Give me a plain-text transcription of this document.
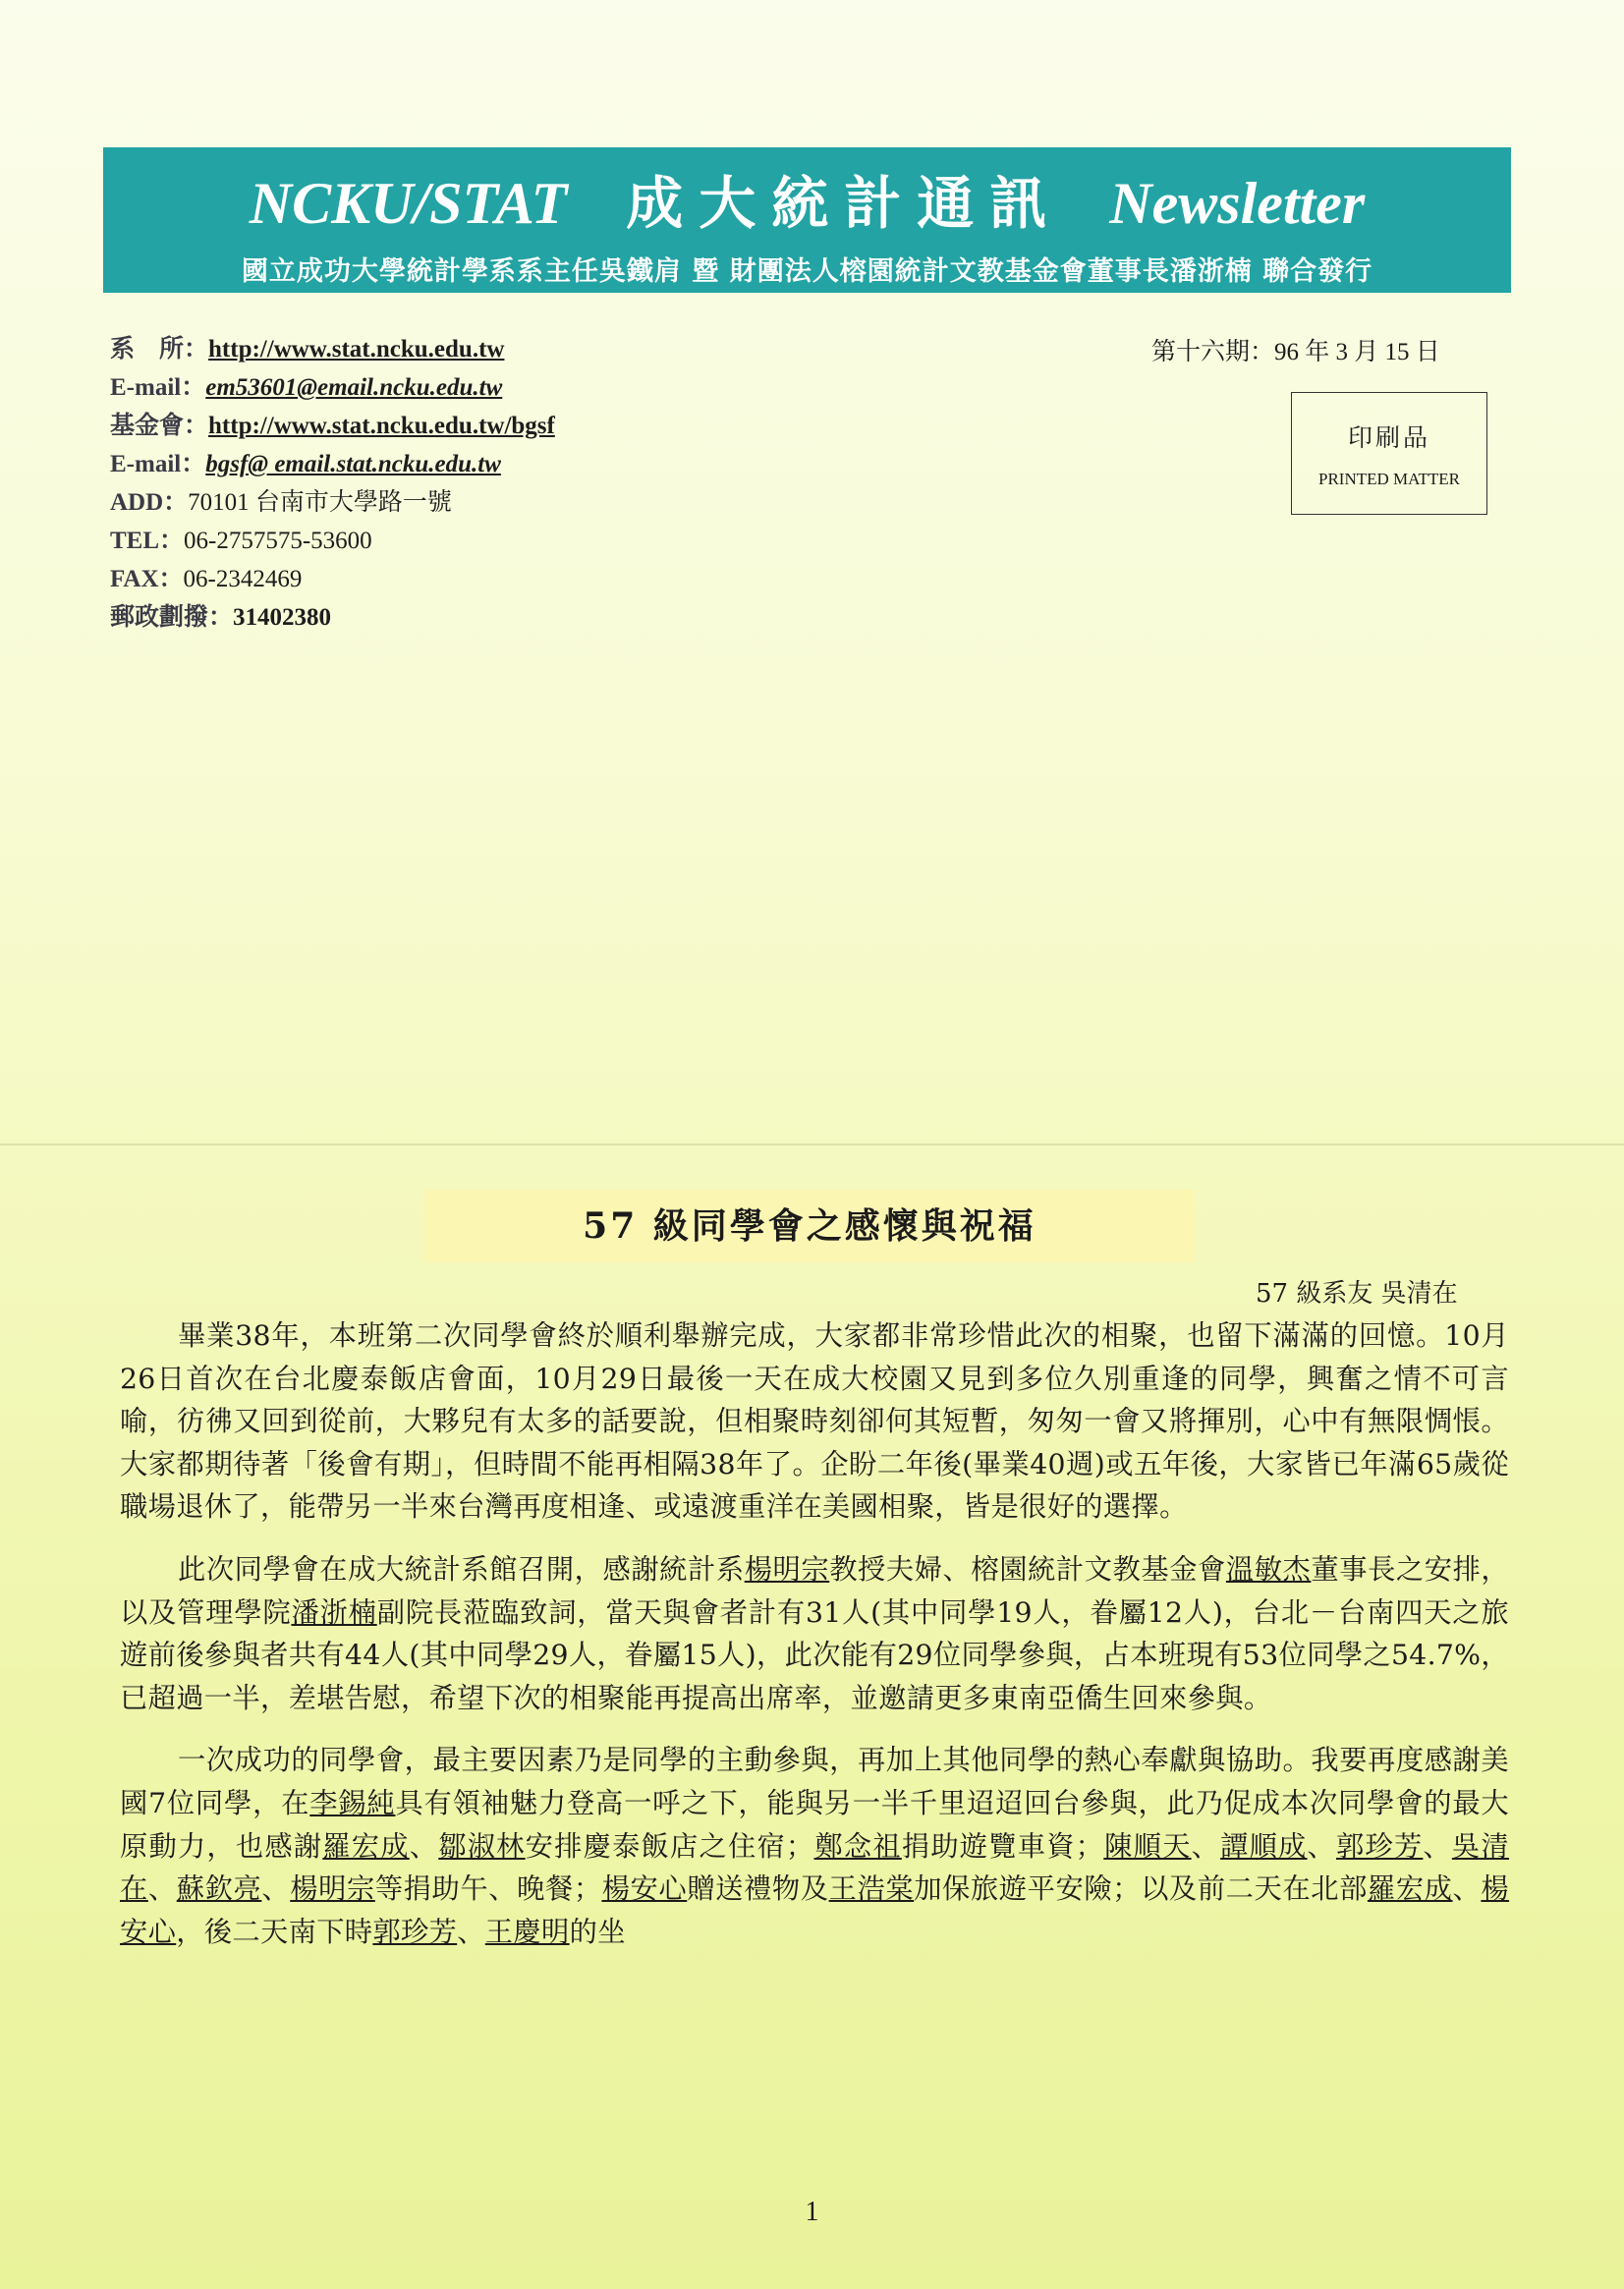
NCKU/STAT 成大統計通訊 Newsletter
國立成功大學統計學系系主任吳鐵肩 暨 財團法人榕園統計文教基金會董事長潘浙楠 聯合發行
系　所：http://www.stat.ncku.edu.tw
E-mail：em53601@email.ncku.edu.tw
基金會：http://www.stat.ncku.edu.tw/bgsf
E-mail：bgsf@ email.stat.ncku.edu.tw
ADD：70101 台南市大學路一號
TEL：06-2757575-53600
FAX：06-2342469
郵政劃撥：31402380
第十六期：96 年 3 月 15 日
印刷品
PRINTED MATTER
57 級同學會之感懷與祝福
57 級系友 吳清在

畢業38年，本班第二次同學會終於順利舉辦完成，大家都非常珍惜此次的相聚，也留下滿滿的回憶。10月26日首次在台北慶泰飯店會面，10月29日最後一天在成大校園又見到多位久別重逢的同學，興奮之情不可言喻，彷彿又回到從前，大夥兒有太多的話要說，但相聚時刻卻何其短暫，匆匆一會又將揮別，心中有無限惆悵。大家都期待著「後會有期」，但時間不能再相隔38年了。企盼二年後(畢業40週)或五年後，大家皆已年滿65歲從職場退休了，能帶另一半來台灣再度相逢、或遠渡重洋在美國相聚，皆是很好的選擇。

此次同學會在成大統計系館召開，感謝統計系楊明宗教授夫婦、榕園統計文教基金會溫敏杰董事長之安排，以及管理學院潘浙楠副院長蒞臨致詞，當天與會者計有31人(其中同學19人，眷屬12人)，台北－台南四天之旅遊前後參與者共有44人(其中同學29人，眷屬15人)，此次能有29位同學參與，占本班現有53位同學之54.7%，已超過一半，差堪告慰，希望下次的相聚能再提高出席率，並邀請更多東南亞僑生回來參與。

一次成功的同學會，最主要因素乃是同學的主動參與，再加上其他同學的熱心奉獻與協助。我要再度感謝美國7位同學，在李錫純具有領袖魅力登高一呼之下，能與另一半千里迢迢回台參與，此乃促成本次同學會的最大原動力，也感謝羅宏成、鄒淑林安排慶泰飯店之住宿；鄭念祖捐助遊覽車資；陳順天、譚順成、郭珍芳、吳清在、蘇欽亮、楊明宗等捐助午、晚餐；楊安心贈送禮物及王浩棠加保旅遊平安險；以及前二天在北部羅宏成、楊安心，後二天南下時郭珍芳、王慶明的坐

1
